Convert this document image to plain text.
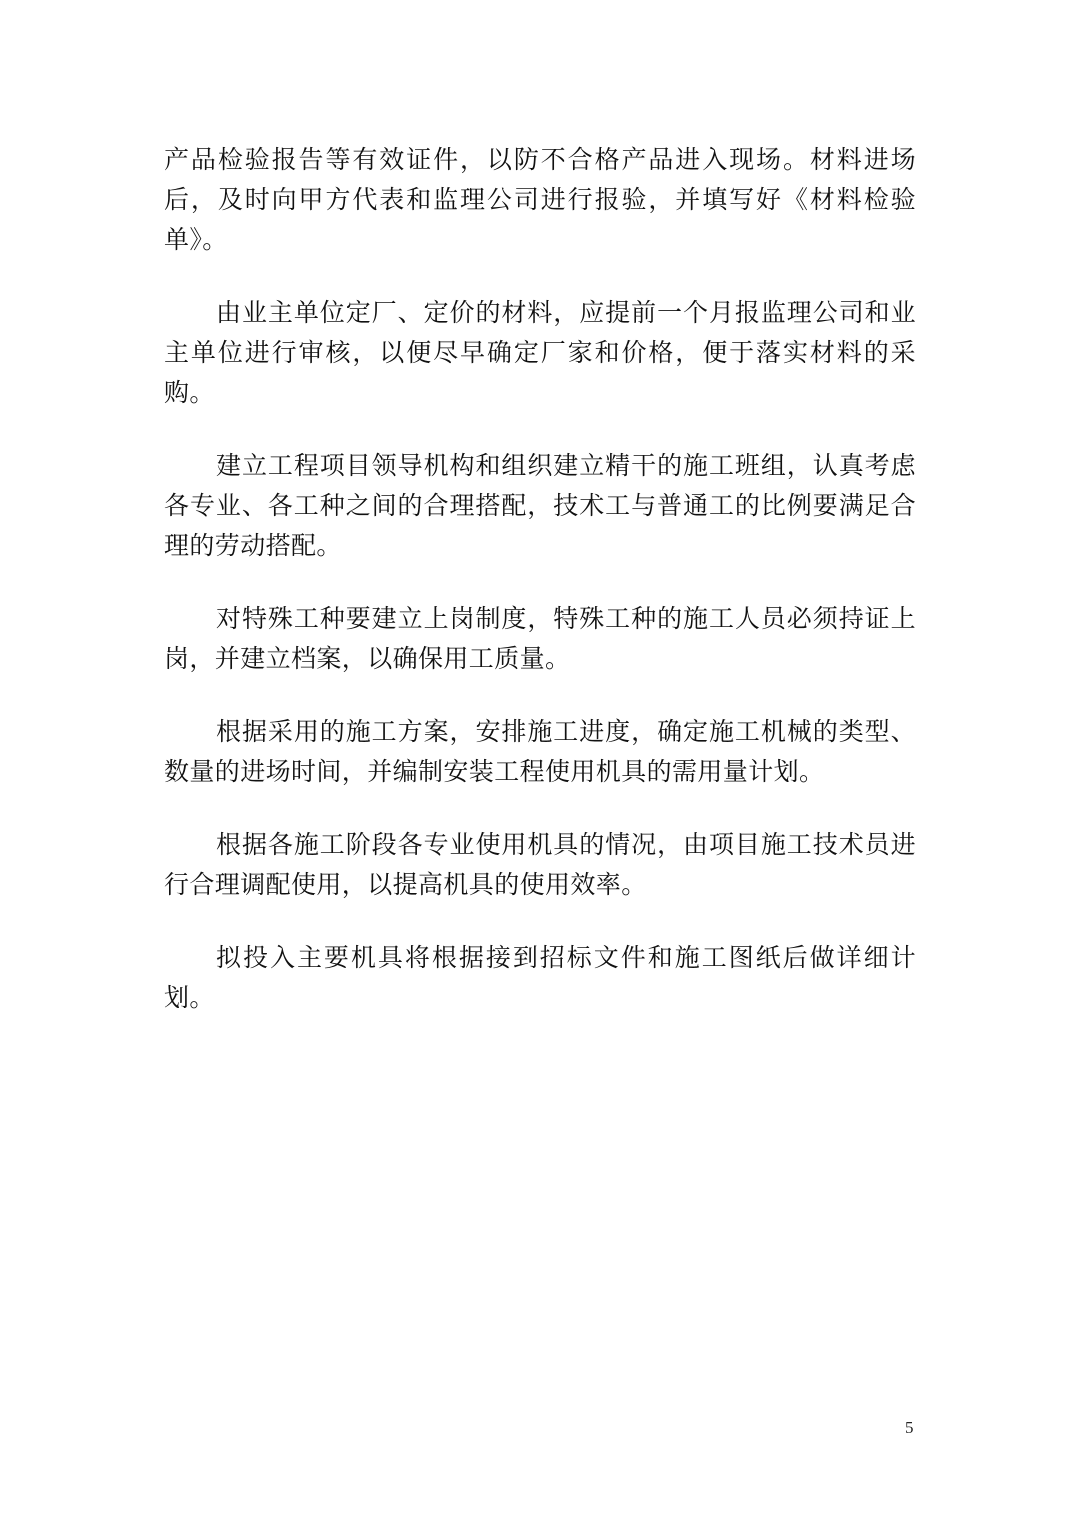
产品检验报告等有效证件，以防不合格产品进入现场。材料进场后，及时向甲方代表和监理公司进行报验，并填写好《材料检验单》。

由业主单位定厂、定价的材料，应提前一个月报监理公司和业主单位进行审核，以便尽早确定厂家和价格，便于落实材料的采购。

建立工程项目领导机构和组织建立精干的施工班组，认真考虑各专业、各工种之间的合理搭配，技术工与普通工的比例要满足合理的劳动搭配。

对特殊工种要建立上岗制度，特殊工种的施工人员必须持证上岗，并建立档案，以确保用工质量。

根据采用的施工方案，安排施工进度，确定施工机械的类型、数量的进场时间，并编制安装工程使用机具的需用量计划。

根据各施工阶段各专业使用机具的情况，由项目施工技术员进行合理调配使用，以提高机具的使用效率。

拟投入主要机具将根据接到招标文件和施工图纸后做详细计划。

5
